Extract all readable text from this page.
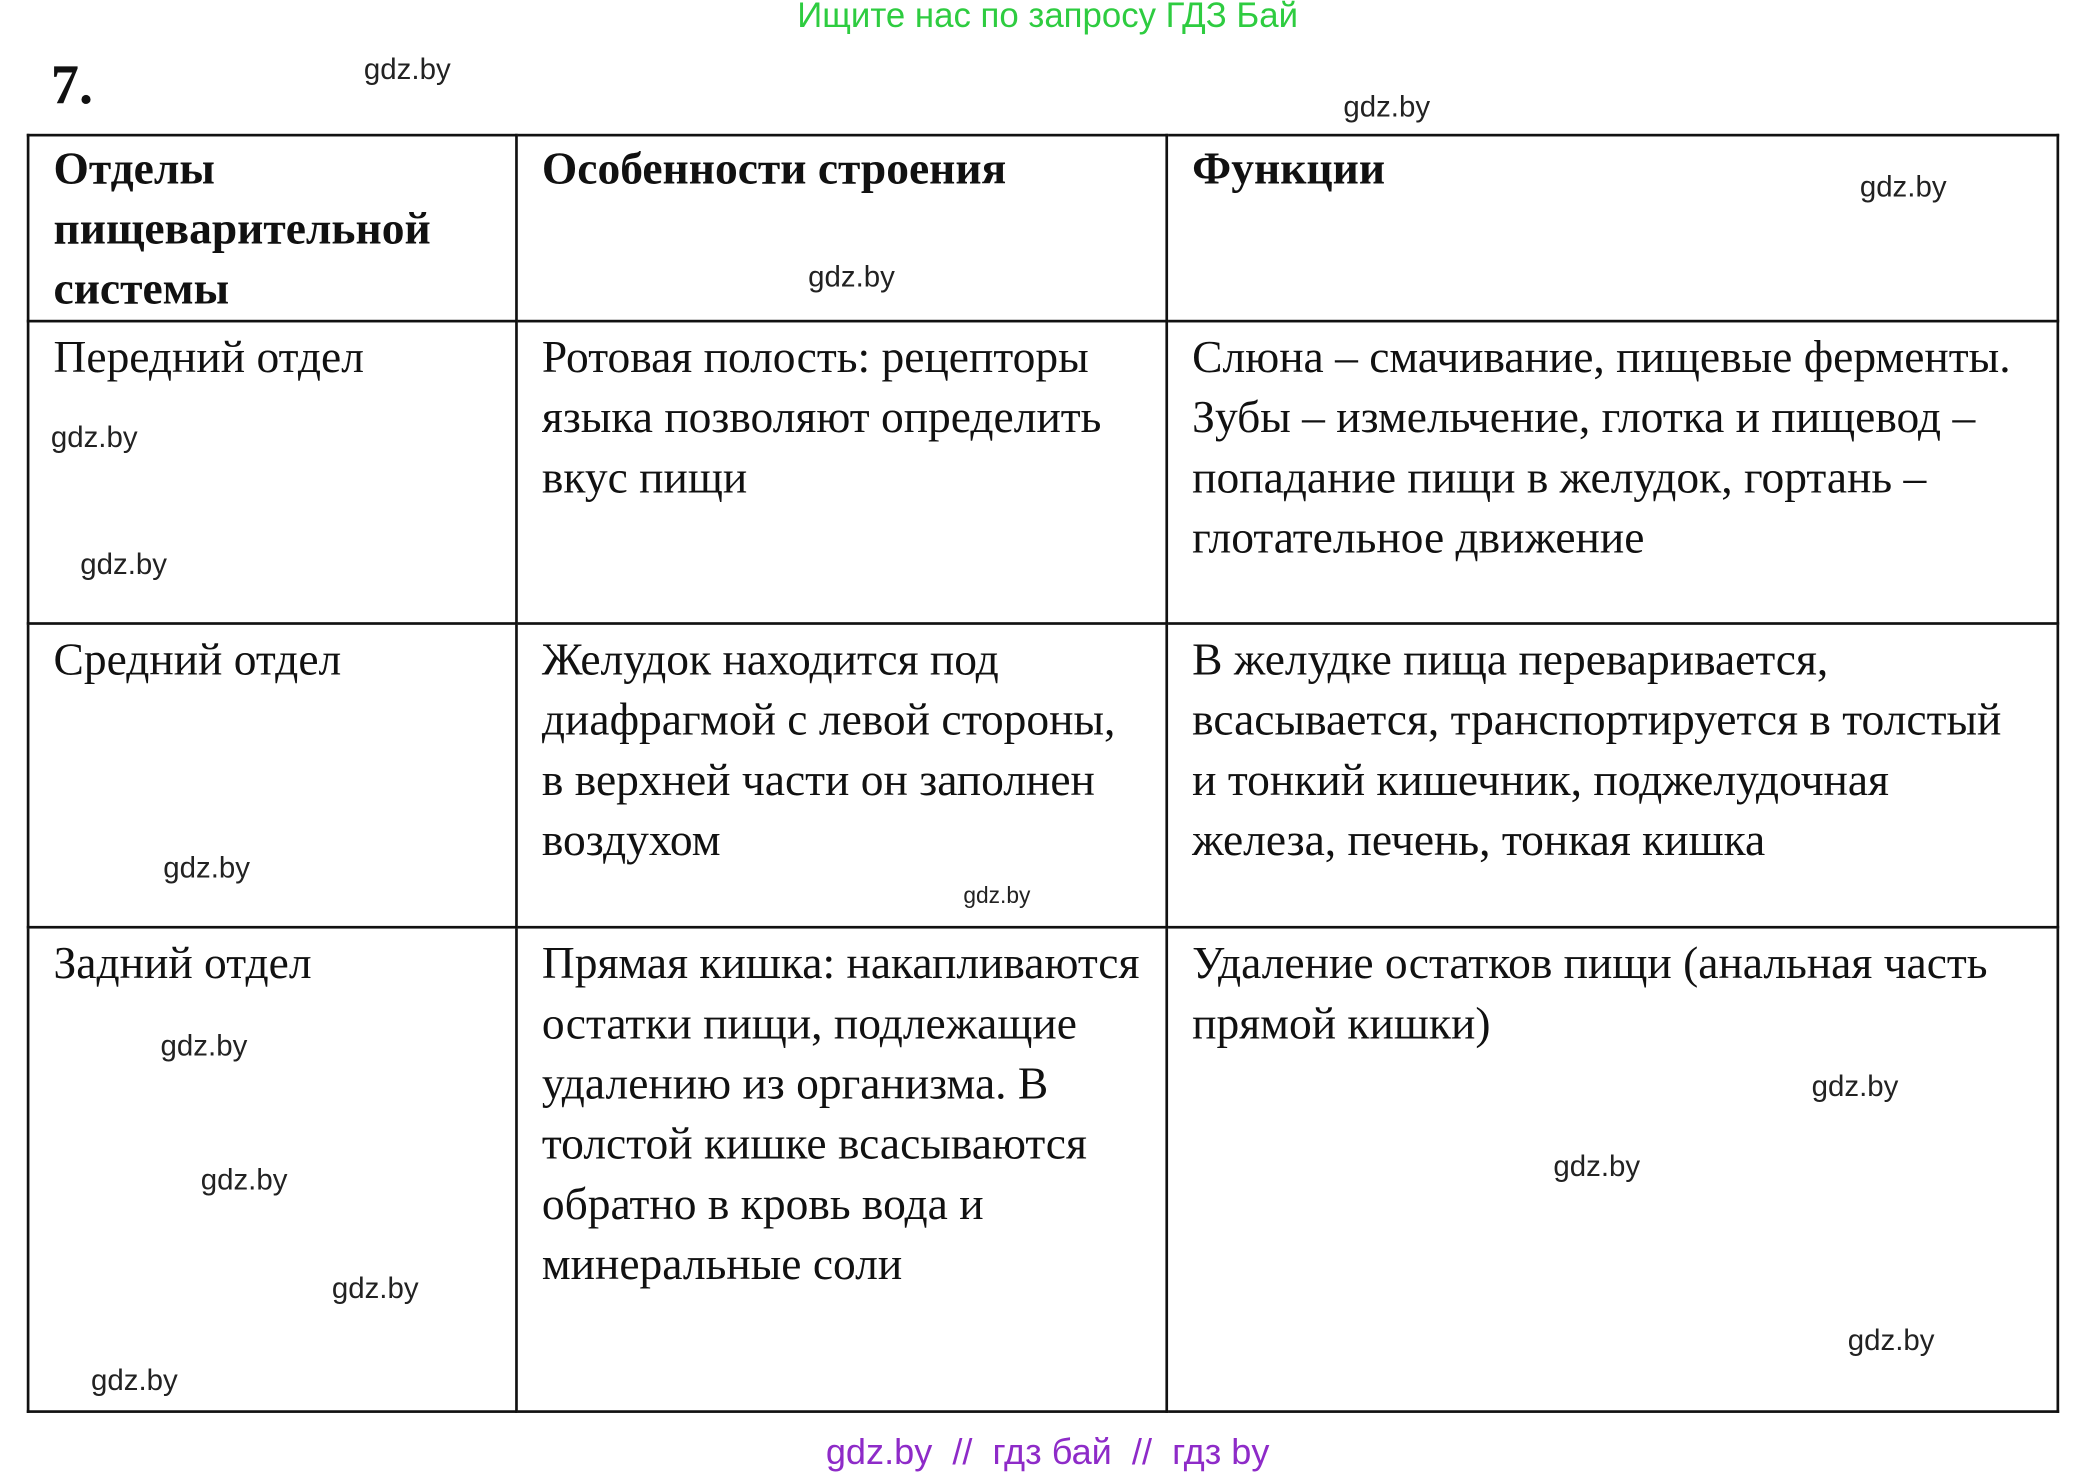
Ищите нас по запросу ГДЗ Бай
7.
Отделы пищеварительной системы	Особенности строения	Функции
Передний отдел	Ротовая полость: рецепторы языка позволяют определить вкус пищи	Слюна – смачивание, пищевые ферменты. Зубы – измельчение, глотка и пищевод – попадание пищи в желудок, гортань – глотательное движение
Средний отдел	Желудок находится под диафрагмой с левой стороны, в верхней части он заполнен воздухом	В желудке пища переваривается, всасывается, транспортируется в толстый и тонкий кишечник, поджелудочная железа, печень, тонкая кишка
Задний отдел	Прямая кишка: накапливаются остатки пищи, подлежащие удалению из организма. В толстой кишке всасываются обратно в кровь вода и минеральные соли	Удаление остатков пищи (анальная часть прямой кишки)
gdz.by
gdz.by
gdz.by
gdz.by
gdz.by
gdz.by
gdz.by
gdz.by
gdz.by
gdz.by
gdz.by
gdz.by
gdz.by
gdz.by
gdz.by
gdz.by  //  гдз бай  //  гдз by
